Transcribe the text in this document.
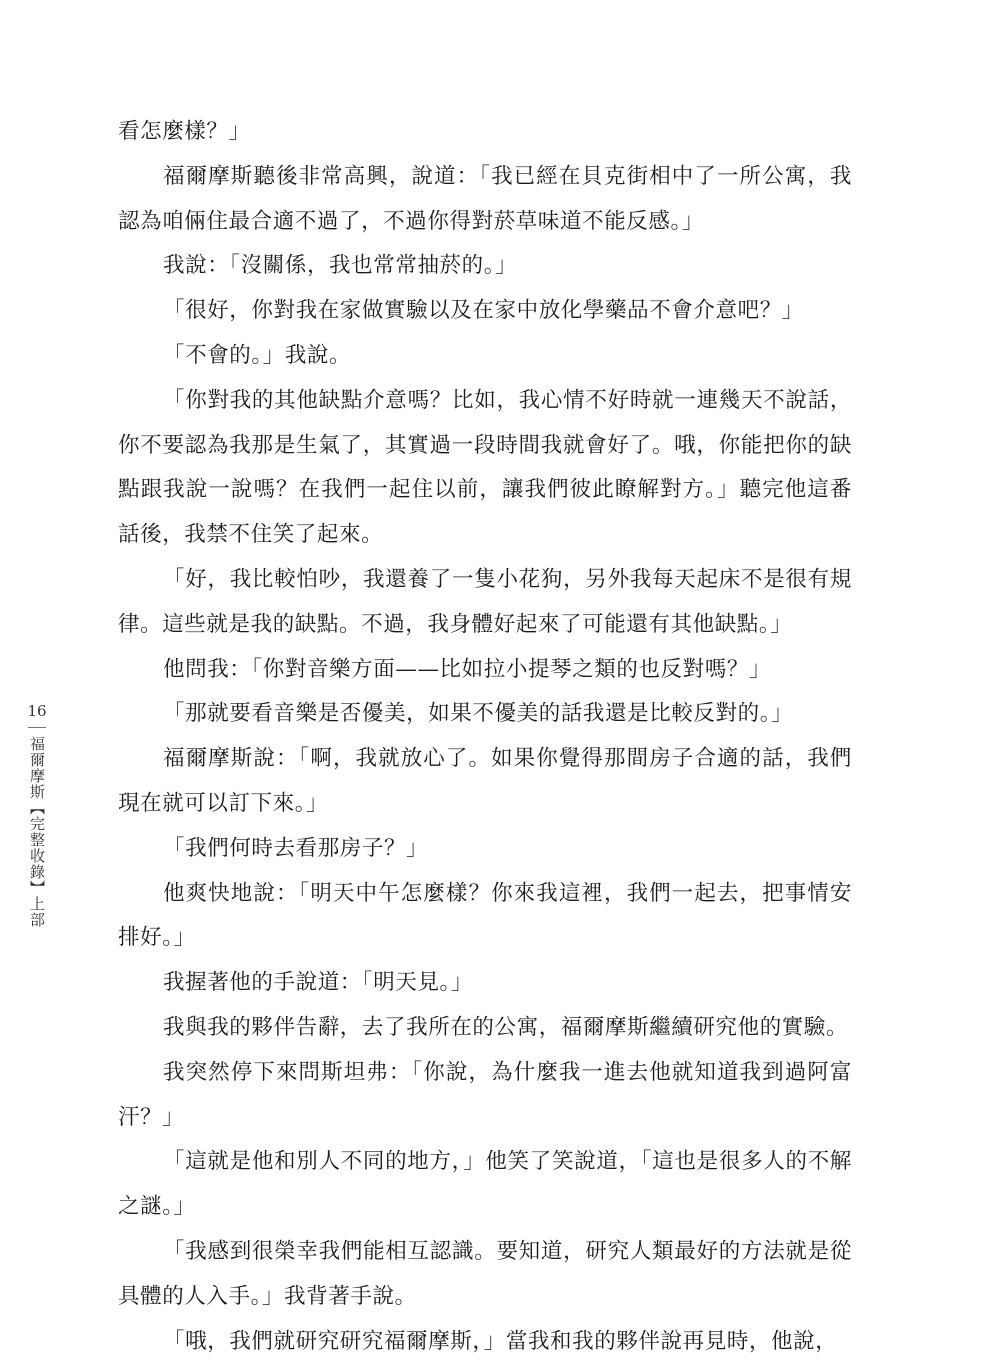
看怎麼樣？」

福爾摩斯聽後非常高興，說道：「我已經在貝克街相中了一所公寓，我認為咱倆住最合適不過了，不過你得對菸草味道不能反感。」

我說：「沒關係，我也常常抽菸的。」

「很好，你對我在家做實驗以及在家中放化學藥品不會介意吧？」

「不會的。」我說。

「你對我的其他缺點介意嗎？比如，我心情不好時就一連幾天不說話，你不要認為我那是生氣了，其實過一段時間我就會好了。哦，你能把你的缺點跟我說一說嗎？在我們一起住以前，讓我們彼此瞭解對方。」聽完他這番話後，我禁不住笑了起來。

「好，我比較怕吵，我還養了一隻小花狗，另外我每天起床不是很有規律。這些就是我的缺點。不過，我身體好起來了可能還有其他缺點。」

他問我：「你對音樂方面——比如拉小提琴之類的也反對嗎？」

「那就要看音樂是否優美，如果不優美的話我還是比較反對的。」

福爾摩斯說：「啊，我就放心了。如果你覺得那間房子合適的話，我們現在就可以訂下來。」

「我們何時去看那房子？」

他爽快地說：「明天中午怎麼樣？你來我這裡，我們一起去，把事情安排好。」

我握著他的手說道：「明天見。」

我與我的夥伴告辭，去了我所在的公寓，福爾摩斯繼續研究他的實驗。

我突然停下來問斯坦弗：「你說，為什麼我一進去他就知道我到過阿富汗？」

「這就是他和別人不同的地方，」他笑了笑說道，「這也是很多人的不解之謎。」

「我感到很榮幸我們能相互認識。要知道，研究人類最好的方法就是從具體的人入手。」我背著手說。

「哦，我們就研究研究福爾摩斯，」當我和我的夥伴說再見時，他說，

16
福爾摩斯【完整收錄】上部
